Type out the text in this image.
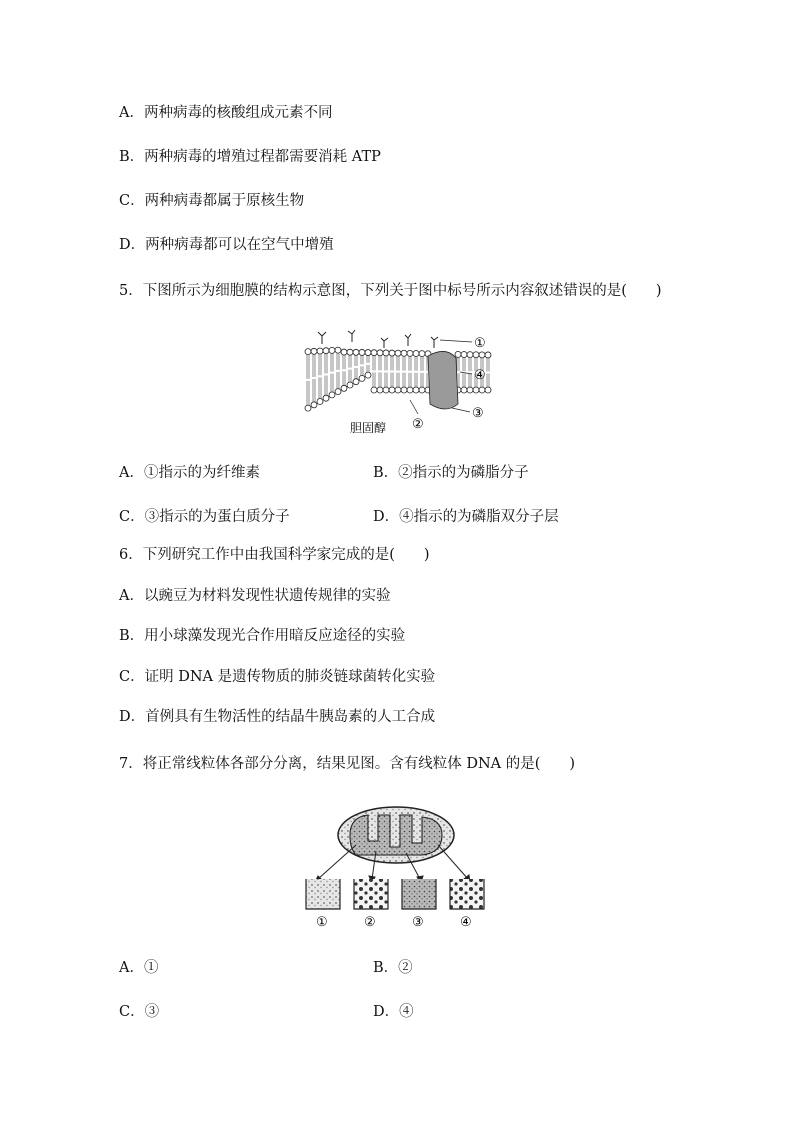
A．两种病毒的核酸组成元素不同
B．两种病毒的增殖过程都需要消耗 ATP
C．两种病毒都属于原核生物
D．两种病毒都可以在空气中增殖
5．下图所示为细胞膜的结构示意图，下列关于图中标号所示内容叙述错误的是(　　)
①
④
③
②
胆固醇
A．①指示的为纤维素	B．②指示的为磷脂分子
C．③指示的为蛋白质分子	D．④指示的为磷脂双分子层
6．下列研究工作中由我国科学家完成的是(　　)
A．以豌豆为材料发现性状遗传规律的实验
B．用小球藻发现光合作用暗反应途径的实验
C．证明 DNA 是遗传物质的肺炎链球菌转化实验
D．首例具有生物活性的结晶牛胰岛素的人工合成
7．将正常线粒体各部分分离，结果见图。含有线粒体 DNA 的是(　　)
①	②	③	④
A．①	B．②
C．③	D．④
